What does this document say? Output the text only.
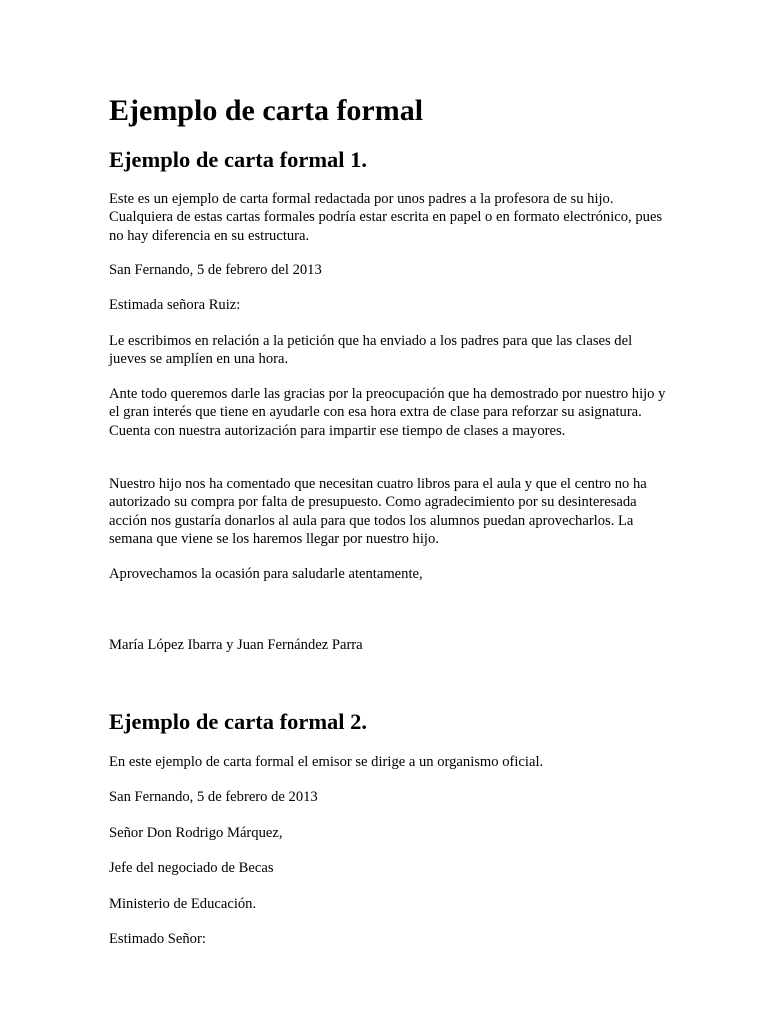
Ejemplo de carta formal
Ejemplo de carta formal 1.

Este es un ejemplo de carta formal redactada por unos padres a la profesora de su hijo. Cualquiera de estas cartas formales podría estar escrita en papel o en formato electrónico, pues no hay diferencia en su estructura.

San Fernando, 5 de febrero del 2013

Estimada señora Ruiz:

Le escribimos en relación a la petición que ha enviado a los padres para que las clases del jueves se amplíen en una hora.

Ante todo queremos darle las gracias por la preocupación que ha demostrado por nuestro hijo y el gran interés que tiene en ayudarle con esa hora extra de clase para reforzar su asignatura. Cuenta con nuestra autorización para impartir ese tiempo de clases a mayores.

Nuestro hijo nos ha comentado que necesitan cuatro libros para el aula y que el centro no ha autorizado su compra por falta de presupuesto. Como agradecimiento por su desinteresada acción nos gustaría donarlos al aula para que todos los alumnos puedan aprovecharlos. La semana que viene se los haremos llegar por nuestro hijo.

Aprovechamos la ocasión para saludarle atentamente,

María López Ibarra y Juan Fernández Parra

Ejemplo de carta formal 2.

En este ejemplo de carta formal el emisor se dirige a un organismo oficial.

San Fernando, 5 de febrero de 2013

Señor Don Rodrigo Márquez,

Jefe del negociado de Becas

Ministerio de Educación.

Estimado Señor:
